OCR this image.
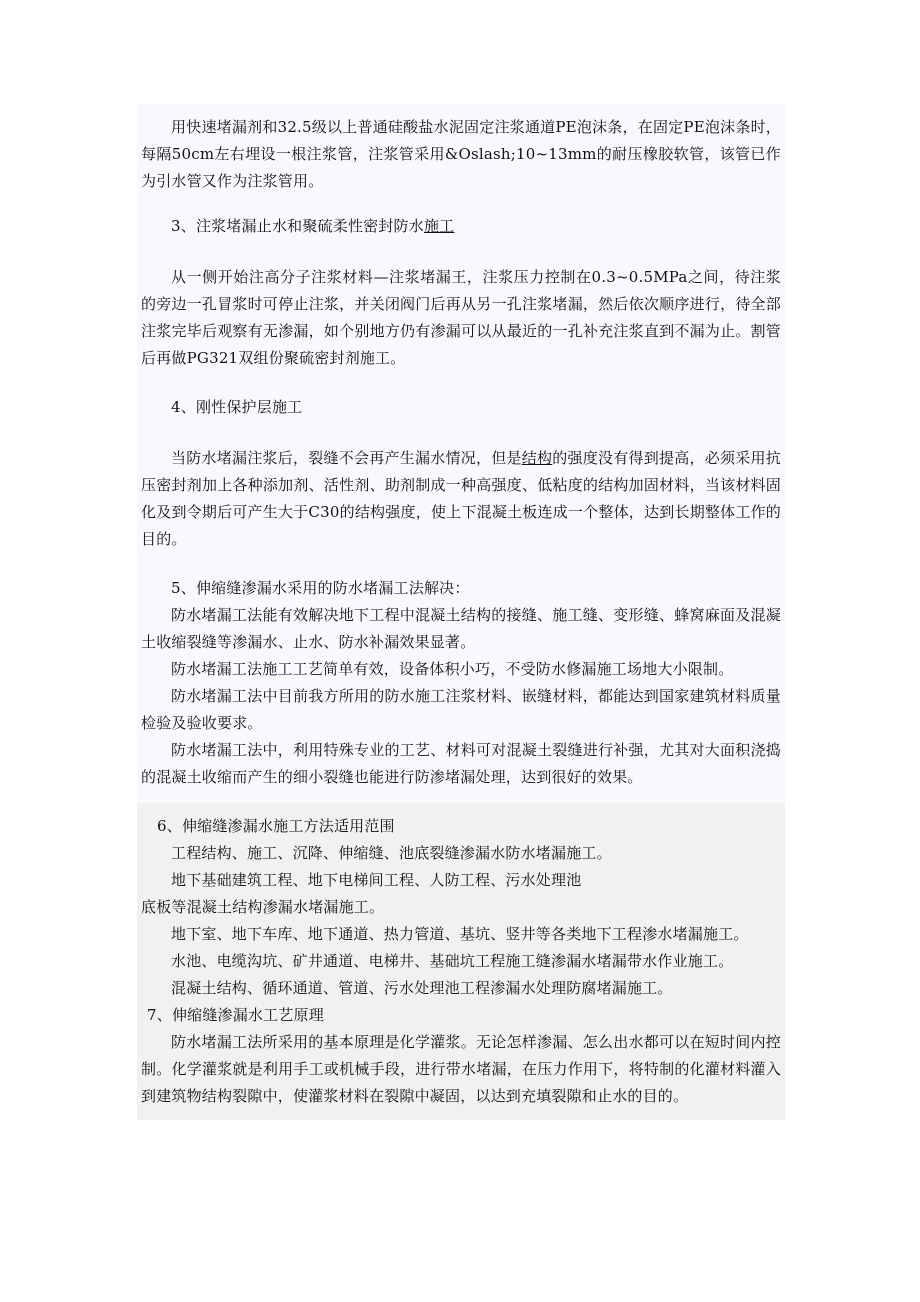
用快速堵漏剂和32.5级以上普通硅酸盐水泥固定注浆通道PE泡沫条，在固定PE泡沫条时，每隔50cm左右埋设一根注浆管，注浆管采用&Oslash;10~13mm的耐压橡胶软管，该管已作为引水管又作为注浆管用。

3、注浆堵漏止水和聚硫柔性密封防水施工

从一侧开始注高分子注浆材料—注浆堵漏王，注浆压力控制在0.3~0.5MPa之间，待注浆的旁边一孔冒浆时可停止注浆，并关闭阀门后再从另一孔注浆堵漏，然后依次顺序进行，待全部注浆完毕后观察有无渗漏，如个别地方仍有渗漏可以从最近的一孔补充注浆直到不漏为止。割管后再做PG321双组份聚硫密封剂施工。

4、刚性保护层施工

当防水堵漏注浆后，裂缝不会再产生漏水情况，但是结构的强度没有得到提高，必须采用抗压密封剂加上各种添加剂、活性剂、助剂制成一种高强度、低粘度的结构加固材料，当该材料固化及到令期后可产生大于C30的结构强度，使上下混凝土板连成一个整体，达到长期整体工作的目的。

5、伸缩缝渗漏水采用的防水堵漏工法解决：

防水堵漏工法能有效解决地下工程中混凝土结构的接缝、施工缝、变形缝、蜂窝麻面及混凝土收缩裂缝等渗漏水、止水、防水补漏效果显著。

防水堵漏工法施工工艺简单有效，设备体积小巧，不受防水修漏施工场地大小限制。

防水堵漏工法中目前我方所用的防水施工注浆材料、嵌缝材料，都能达到国家建筑材料质量检验及验收要求。

防水堵漏工法中，利用特殊专业的工艺、材料可对混凝土裂缝进行补强，尤其对大面积浇捣的混凝土收缩而产生的细小裂缝也能进行防渗堵漏处理，达到很好的效果。

6、伸缩缝渗漏水施工方法适用范围

工程结构、施工、沉降、伸缩缝、池底裂缝渗漏水防水堵漏施工。

地下基础建筑工程、地下电梯间工程、人防工程、污水处理池

底板等混凝土结构渗漏水堵漏施工。

地下室、地下车库、地下通道、热力管道、基坑、竖井等各类地下工程渗水堵漏施工。

水池、电缆沟坑、矿井通道、电梯井、基础坑工程施工缝渗漏水堵漏带水作业施工。

混凝土结构、循环通道、管道、污水处理池工程渗漏水处理防腐堵漏施工。

7、伸缩缝渗漏水工艺原理

防水堵漏工法所采用的基本原理是化学灌浆。无论怎样渗漏、怎么出水都可以在短时间内控制。化学灌浆就是利用手工或机械手段，进行带水堵漏，在压力作用下，将特制的化灌材料灌入到建筑物结构裂隙中，使灌浆材料在裂隙中凝固，以达到充填裂隙和止水的目的。
